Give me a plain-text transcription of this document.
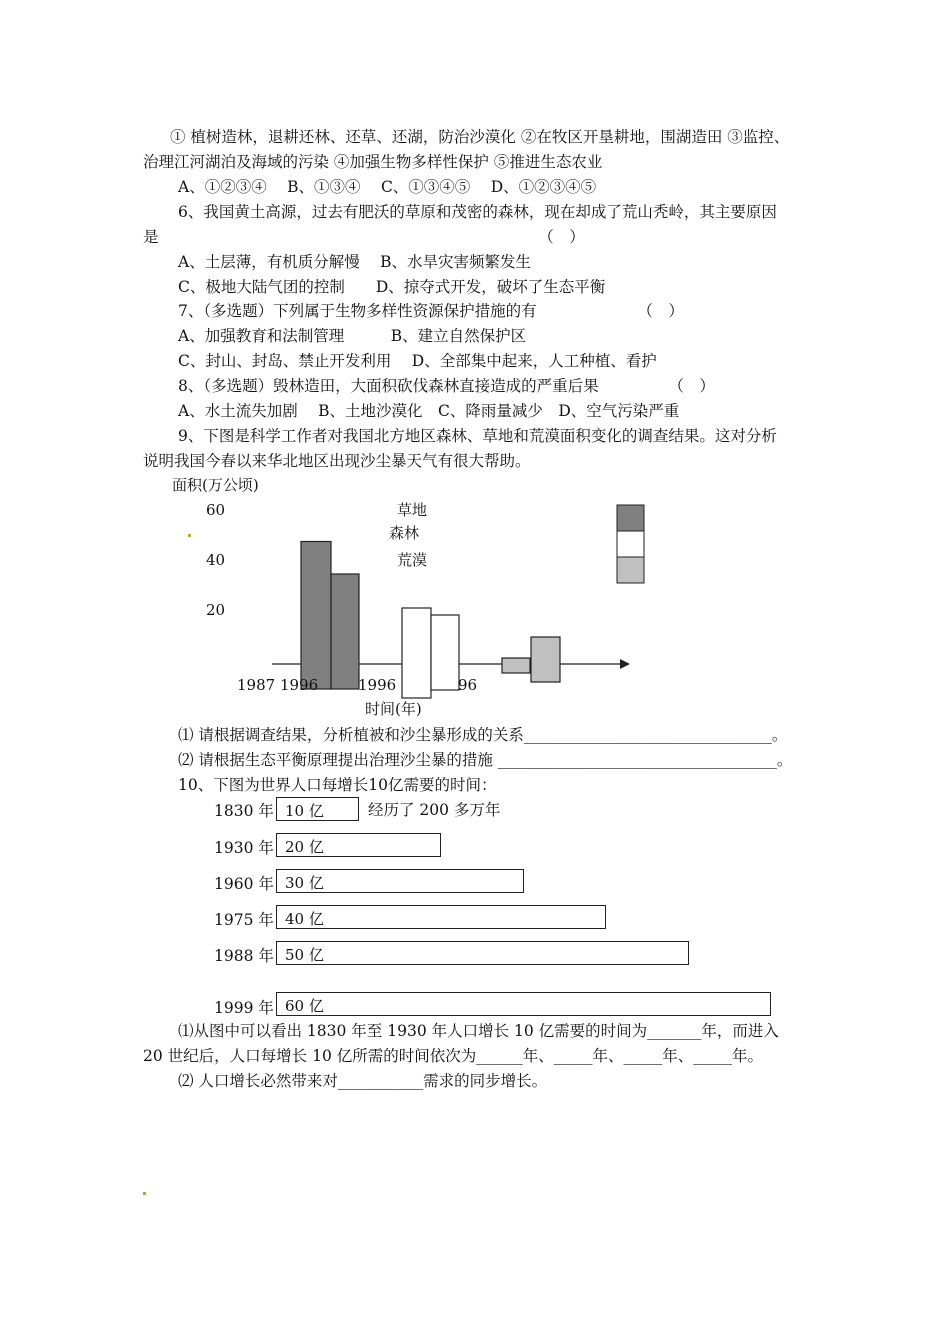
① 植树造林，退耕还林、还草、还湖，防治沙漠化 ②在牧区开垦耕地，围湖造田 ③监控、
治理江河湖泊及海域的污染 ④加强生物多样性保护 ⑤推进生态农业
A、①②③④　 B、①③④　 C、①③④⑤　 D、①②③④⑤
6、我国黄土高源，过去有肥沃的草原和茂密的森林，现在却成了荒山秃岭，其主要原因
是　　　　　　　　　　　　　　　　　　　　　　　　　（　）
A、土层薄，有机质分解慢　 B、水旱灾害频繁发生
C、极地大陆气团的控制　　D、掠夺式开发，破坏了生态平衡
7、（多选题）下列属于生物多样性资源保护措施的有　　　　　　　（　）
A、加强教育和法制管理　　　B、建立自然保护区
C、封山、封岛、禁止开发利用　 D、全部集中起来，人工种植、看护
8、（多选题）毁林造田，大面积砍伐森林直接造成的严重后果　　　　　（　）
A、水土流失加剧　 B、土地沙漠化　C、降雨量减少　D、空气污染严重
9、下图是科学工作者对我国北方地区森林、草地和荒漠面积变化的调查结果。这对分析
说明我国今春以来华北地区出现沙尘暴天气有很大帮助。
面积(万公顷)
60
40
20
草地
森林
荒漠
1987 1996	1996	96
时间(年)
⑴ 请根据调查结果，分析植被和沙尘暴形成的关系________________________________。
⑵ 请根据生态平衡原理提出治理沙尘暴的措施 ____________________________________。
10、下图为世界人口每增长10亿需要的时间：
1830 年 10 亿	经历了 200 多万年
1930 年 20 亿
1960 年 30 亿
1975 年 40 亿
1988 年 50 亿
1999 年 60 亿
⑴从图中可以看出 1830 年至 1930 年人口增长 10 亿需要的时间为_______年，而进入
20 世纪后，人口每增长 10 亿所需的时间依次为______年、_____年、_____年、_____年。
⑵ 人口增长必然带来对___________需求的同步增长。
